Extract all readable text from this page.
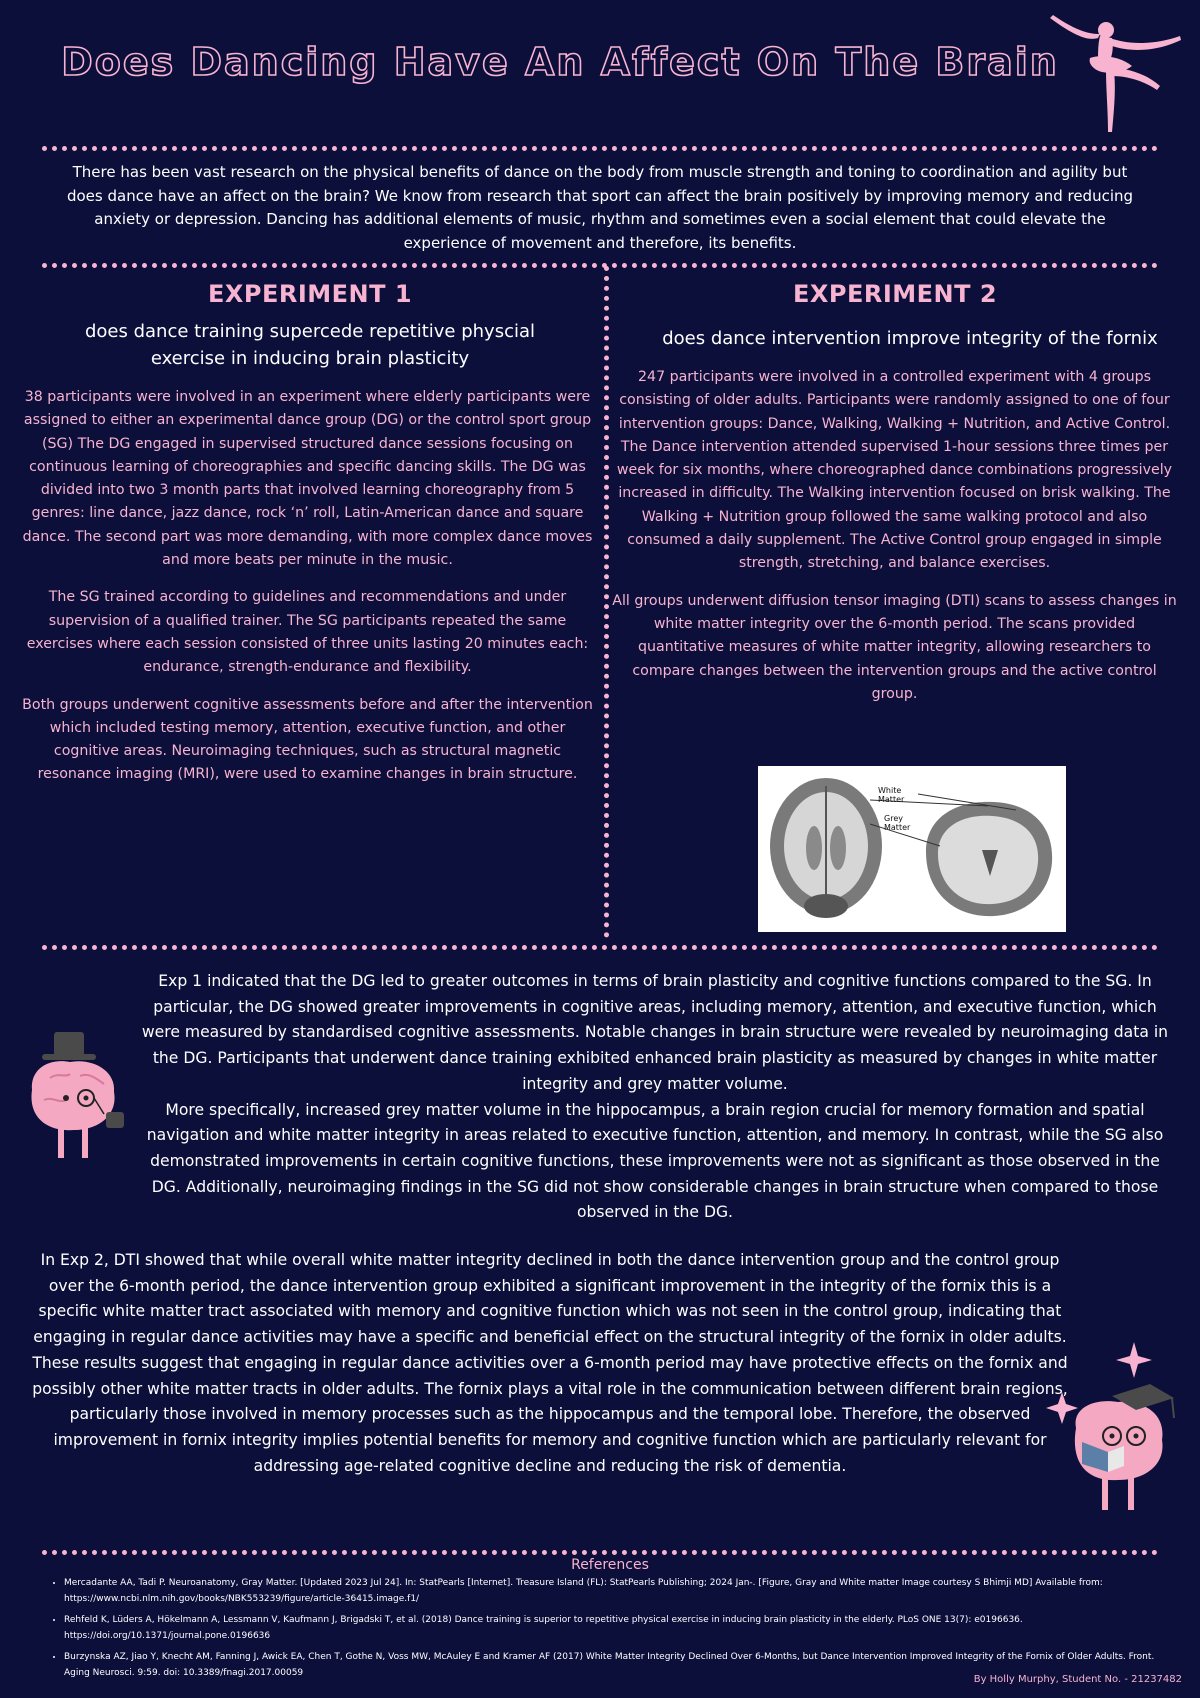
Does Dancing Have An Affect On The Brain
There has been vast research on the physical benefits of dance on the body from muscle strength and toning to coordination and agility but does dance have an affect on the brain? We know from research that sport can affect the brain positively by improving memory and reducing anxiety or depression. Dancing has additional elements of music, rhythm and sometimes even a social element that could elevate the experience of movement and therefore, its benefits.
EXPERIMENT 1
does dance training supercede repetitive physcial exercise in inducing brain plasticity

38 participants were involved in an experiment where elderly participants were assigned to either an experimental dance group (DG) or the control sport group (SG) The DG engaged in supervised structured dance sessions focusing on continuous learning of choreographies and specific dancing skills. The DG was divided into two 3 month parts that involved learning choreography from 5 genres: line dance, jazz dance, rock ‘n’ roll, Latin-American dance and square dance. The second part was more demanding, with more complex dance moves and more beats per minute in the music.

The SG trained according to guidelines and recommendations and under supervision of a qualified trainer. The SG participants repeated the same exercises where each session consisted of three units lasting 20 minutes each: endurance, strength-endurance and flexibility.

Both groups underwent cognitive assessments before and after the intervention which included testing memory, attention, executive function, and other cognitive areas. Neuroimaging techniques, such as structural magnetic resonance imaging (MRI), were used to examine changes in brain structure.

EXPERIMENT 2
does dance intervention improve integrity of the fornix

247 participants were involved in a controlled experiment with 4 groups consisting of older adults. Participants were randomly assigned to one of four intervention groups: Dance, Walking, Walking + Nutrition, and Active Control. The Dance intervention attended supervised 1-hour sessions three times per week for six months, where choreographed dance combinations progressively increased in difficulty. The Walking intervention focused on brisk walking. The Walking + Nutrition group followed the same walking protocol and also consumed a daily supplement. The Active Control group engaged in simple strength, stretching, and balance exercises.

All groups underwent diffusion tensor imaging (DTI) scans to assess changes in white matter integrity over the 6-month period. The scans provided quantitative measures of white matter integrity, allowing researchers to compare changes between the intervention groups and the active control group.

White Matter
Grey Matter

Exp 1 indicated that the DG led to greater outcomes in terms of brain plasticity and cognitive functions compared to the SG. In particular, the DG showed greater improvements in cognitive areas, including memory, attention, and executive function, which were measured by standardised cognitive assessments. Notable changes in brain structure were revealed by neuroimaging data in the DG. Participants that underwent dance training exhibited enhanced brain plasticity as measured by changes in white matter integrity and grey matter volume.

More specifically, increased grey matter volume in the hippocampus, a brain region crucial for memory formation and spatial navigation and white matter integrity in areas related to executive function, attention, and memory. In contrast, while the SG also demonstrated improvements in certain cognitive functions, these improvements were not as significant as those observed in the DG. Additionally, neuroimaging findings in the SG did not show considerable changes in brain structure when compared to those observed in the DG.

In Exp 2, DTI showed that while overall white matter integrity declined in both the dance intervention group and the control group over the 6-month period, the dance intervention group exhibited a significant improvement in the integrity of the fornix this is a specific white matter tract associated with memory and cognitive function which was not seen in the control group, indicating that engaging in regular dance activities may have a specific and beneficial effect on the structural integrity of the fornix in older adults.

These results suggest that engaging in regular dance activities over a 6-month period may have protective effects on the fornix and possibly other white matter tracts in older adults. The fornix plays a vital role in the communication between different brain regions, particularly those involved in memory processes such as the hippocampus and the temporal lobe. Therefore, the observed improvement in fornix integrity implies potential benefits for memory and cognitive function which are particularly relevant for addressing age-related cognitive decline and reducing the risk of dementia.

References
• Mercadante AA, Tadi P. Neuroanatomy, Gray Matter. [Updated 2023 Jul 24]. In: StatPearls [Internet]. Treasure Island (FL): StatPearls Publishing; 2024 Jan-. [Figure, Gray and White matter Image courtesy S Bhimji MD] Available from: https://www.ncbi.nlm.nih.gov/books/NBK553239/figure/article-36415.image.f1/
• Rehfeld K, Lüders A, Hökelmann A, Lessmann V, Kaufmann J, Brigadski T, et al. (2018) Dance training is superior to repetitive physical exercise in inducing brain plasticity in the elderly. PLoS ONE 13(7): e0196636. https://doi.org/10.1371/journal.pone.0196636
• Burzynska AZ, Jiao Y, Knecht AM, Fanning J, Awick EA, Chen T, Gothe N, Voss MW, McAuley E and Kramer AF (2017) White Matter Integrity Declined Over 6-Months, but Dance Intervention Improved Integrity of the Fornix of Older Adults. Front. Aging Neurosci. 9:59. doi: 10.3389/fnagi.2017.00059
By Holly Murphy, Student No. - 21237482
